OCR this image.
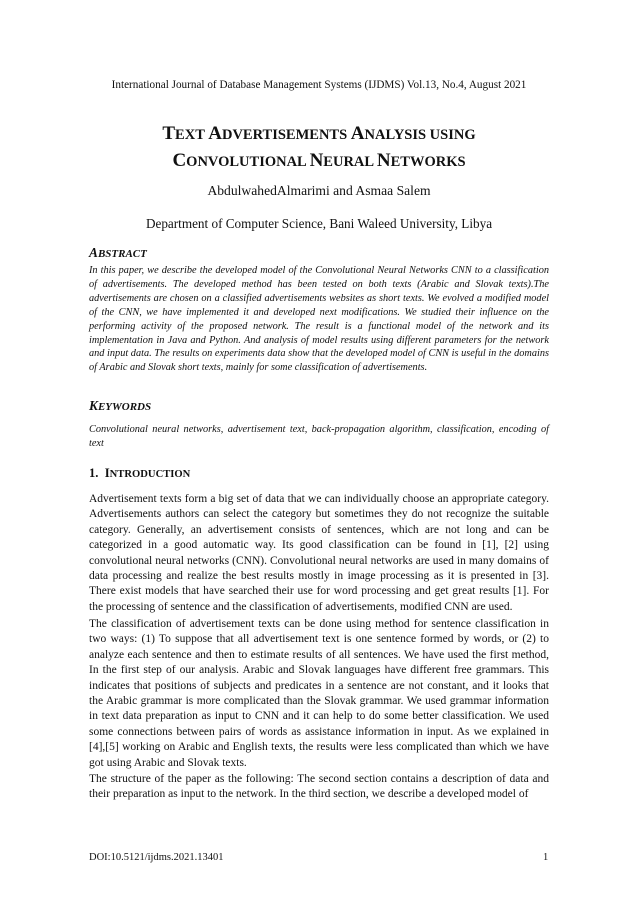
International Journal of Database Management Systems (IJDMS) Vol.13, No.4, August 2021
TEXT ADVERTISEMENTS ANALYSIS USING
CONVOLUTIONAL NEURAL NETWORKS
AbdulwahedAlmarimi and Asmaa Salem
Department of Computer Science, Bani Waleed University, Libya
ABSTRACT
In this paper, we describe the developed model of the Convolutional Neural Networks CNN to a classification of advertisements. The developed method has been tested on both texts (Arabic and Slovak texts).The advertisements are chosen on a classified advertisements websites as short texts. We evolved a modified model of the CNN, we have implemented it and developed next modifications. We studied their influence on the performing activity of the proposed network. The result is a functional model of the network and its implementation in Java and Python. And analysis of model results using different parameters for the network and input data. The results on experiments data show that the developed model of CNN is useful in the domains of Arabic and Slovak short texts, mainly for some classification of advertisements.
KEYWORDS
Convolutional neural networks, advertisement text, back-propagation algorithm, classification, encoding of text
1. INTRODUCTION
Advertisement texts form a big set of data that we can individually choose an appropriate category. Advertisements authors can select the category but sometimes they do not recognize the suitable category. Generally, an advertisement consists of sentences, which are not long and can be categorized in a good automatic way. Its good classification can be found in [1], [2] using convolutional neural networks (CNN). Convolutional neural networks are used in many domains of data processing and realize the best results mostly in image processing as it is presented in [3]. There exist models that have searched their use for word processing and get great results [1]. For the processing of sentence and the classification of advertisements, modified CNN are used.
The classification of advertisement texts can be done using method for sentence classification in two ways: (1) To suppose that all advertisement text is one sentence formed by words, or (2) to analyze each sentence and then to estimate results of all sentences. We have used the first method, In the first step of our analysis. Arabic and Slovak languages have different free grammars. This indicates that positions of subjects and predicates in a sentence are not constant, and it looks that the Arabic grammar is more complicated than the Slovak grammar. We used grammar information in text data preparation as input to CNN and it can help to do some better classification. We used some connections between pairs of words as assistance information in input. As we explained in [4],[5] working on Arabic and English texts, the results were less complicated than which we have got using Arabic and Slovak texts.
The structure of the paper as the following: The second section contains a description of data and their preparation as input to the network. In the third section, we describe a developed model of
DOI:10.5121/ijdms.2021.13401	1
